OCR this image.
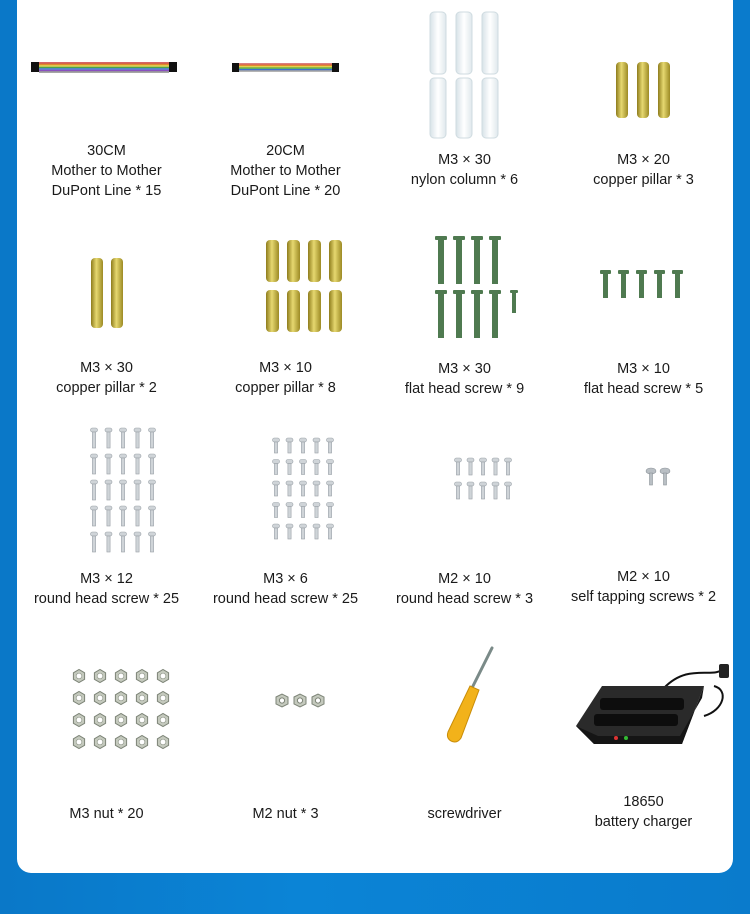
30CM
Mother to Mother
DuPont Line * 15
20CM
Mother to Mother
DuPont Line * 20
M3 × 30
nylon column * 6
M3 × 20
copper pillar * 3
M3 × 30
copper pillar * 2
M3 × 10
copper pillar * 8
M3 × 30
flat head screw * 9
M3 × 10
flat head screw * 5
M3 × 12
round head screw * 25
M3 × 6
round head screw * 25
M2 × 10
round head screw * 3
M2 × 10
self tapping screws * 2
M3 nut * 20	M2 nut * 3	screwdriver
18650
battery charger
